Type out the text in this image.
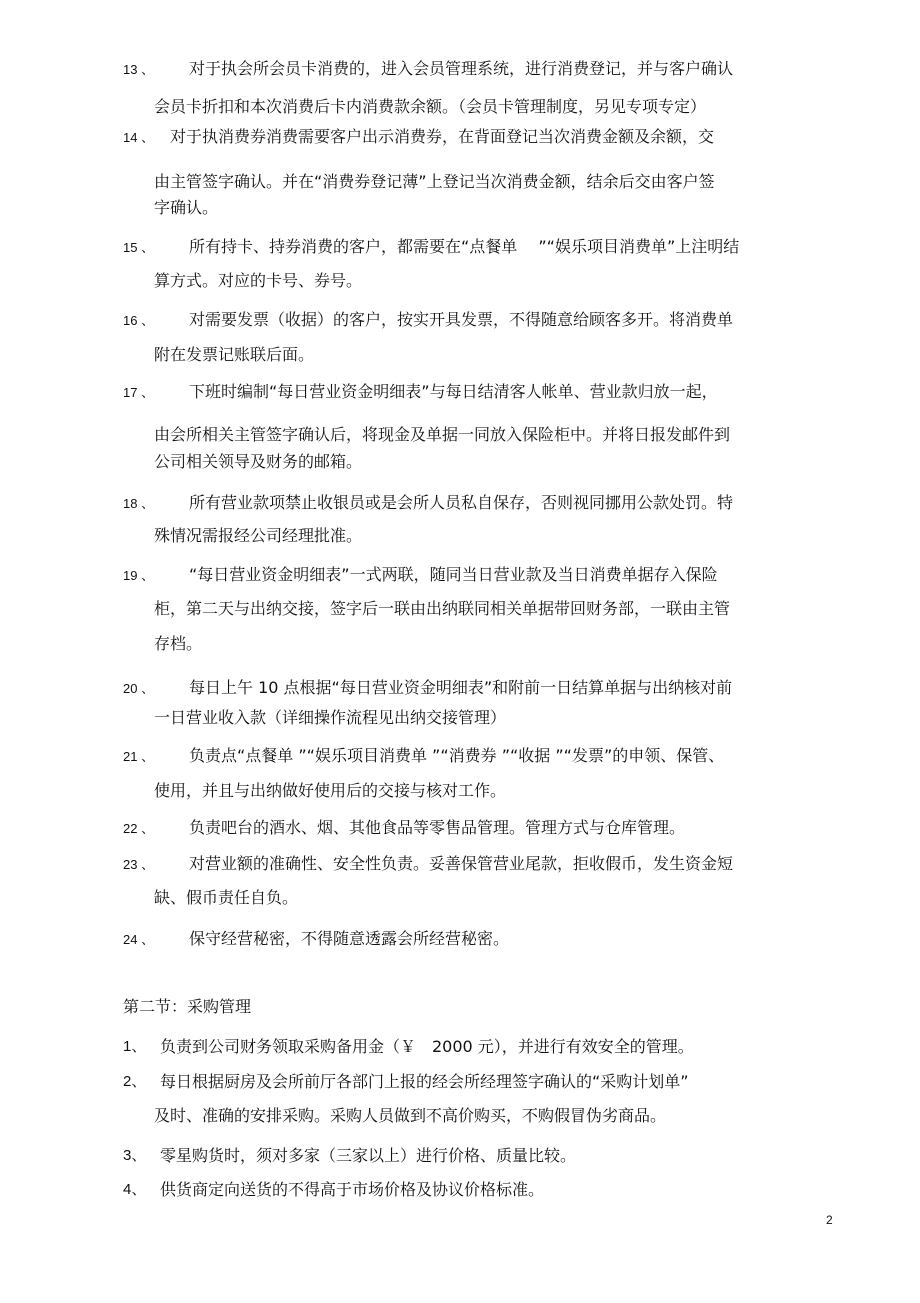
13 、 对于执会所会员卡消费的，进入会员管理系统，进行消费登记，并与客户确认
会员卡折扣和本次消费后卡内消费款余额。（会员卡管理制度，另见专项专定）
14 、 对于执消费券消费需要客户出示消费券，在背面登记当次消费金额及余额，交
由主管签字确认。并在“消费券登记薄”上登记当次消费金额，结余后交由客户签
字确认。
15 、 所有持卡、持券消费的客户，都需要在“点餐单　 ”“娱乐项目消费单”上注明结
算方式。对应的卡号、券号。
16 、 对需要发票（收据）的客户，按实开具发票，不得随意给顾客多开。将消费单
附在发票记账联后面。
17 、 下班时编制“每日营业资金明细表”与每日结清客人帐单、营业款归放一起，
由会所相关主管签字确认后，将现金及单据一同放入保险柜中。并将日报发邮件到
公司相关领导及财务的邮箱。
18 、 所有营业款项禁止收银员或是会所人员私自保存，否则视同挪用公款处罚。特
殊情况需报经公司经理批准。
19 、 “每日营业资金明细表”一式两联，随同当日营业款及当日消费单据存入保险
柜，第二天与出纳交接，签字后一联由出纳联同相关单据带回财务部，一联由主管
存档。
20 、 每日上午 10 点根据“每日营业资金明细表”和附前一日结算单据与出纳核对前
一日营业收入款（详细操作流程见出纳交接管理）
21 、 负责点“点餐单 ”“娱乐项目消费单 ”“消费券 ”“收据 ”“发票”的申领、保管、
使用，并且与出纳做好使用后的交接与核对工作。
22 、 负责吧台的酒水、烟、其他食品等零售品管理。管理方式与仓库管理。
23 、 对营业额的准确性、安全性负责。妥善保管营业尾款，拒收假币，发生资金短
缺、假币责任自负。
24 、 保守经营秘密，不得随意透露会所经营秘密。
第二节：采购管理
1、 负责到公司财务领取采购备用金（￥　2000 元），并进行有效安全的管理。
2、 每日根据厨房及会所前厅各部门上报的经会所经理签字确认的“采购计划单”
及时、准确的安排采购。采购人员做到不高价购买，不购假冒伪劣商品。
3、 零星购货时，须对多家（三家以上）进行价格、质量比较。
4、 供货商定向送货的不得高于市场价格及协议价格标准。
2
